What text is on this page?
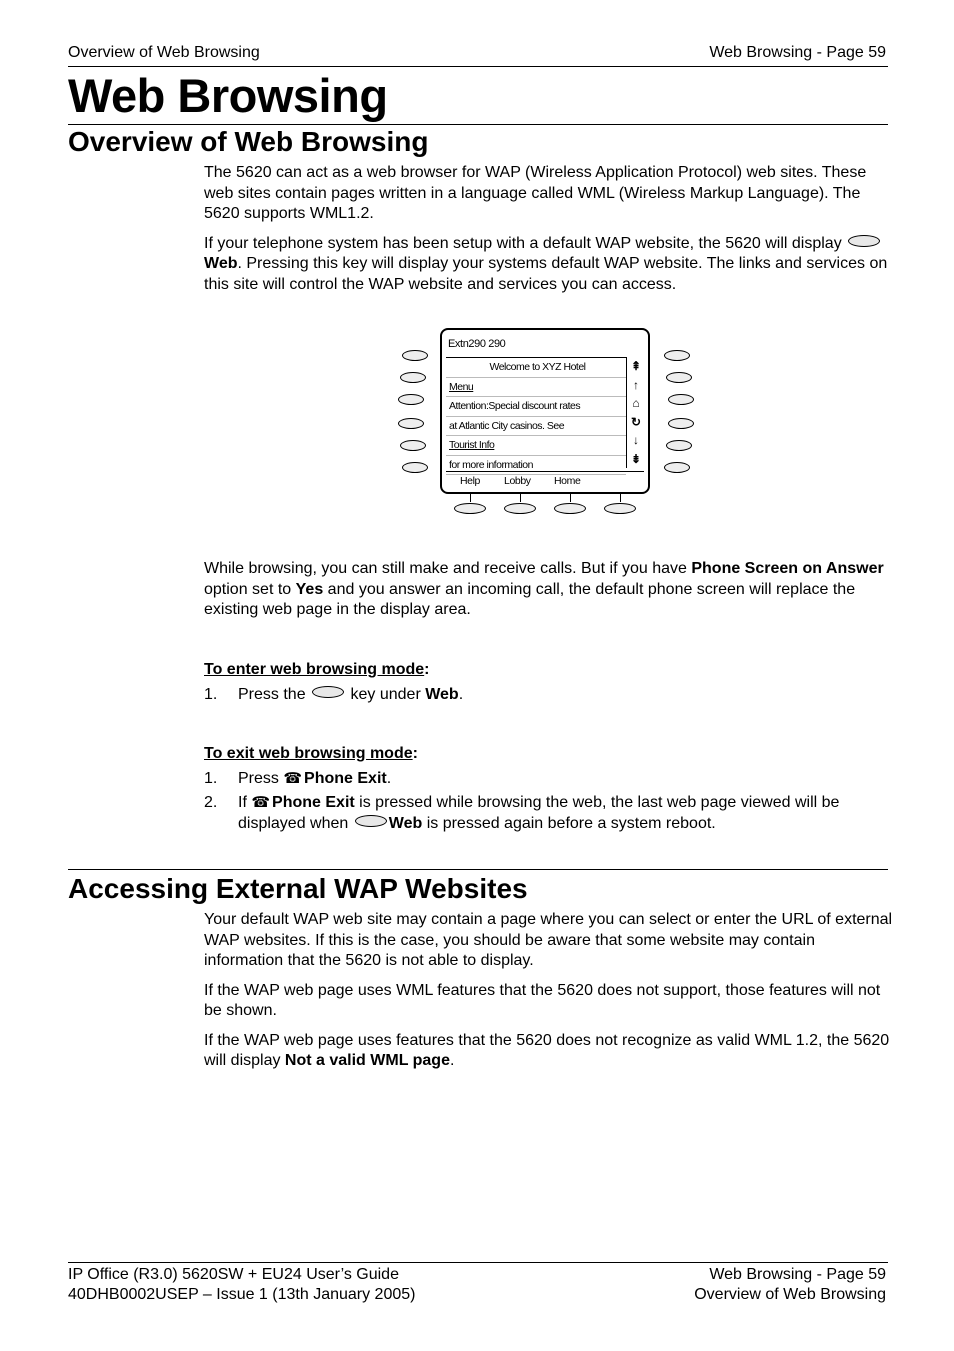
Overview of Web Browsing	Web Browsing - Page 59
Web Browsing
Overview of Web Browsing

The 5620 can act as a web browser for WAP (Wireless Application Protocol) web sites. These web sites contain pages written in a language called WML (Wireless Markup Language). The 5620 supports WML1.2.

If your telephone system has been setup with a default WAP website, the 5620 will display Web. Pressing this key will display your systems default WAP website. The links and services on this site will control the WAP website and services you can access.

Extn290 290
Welcome to XYZ Hotel
Menu
Attention:Special discount rates
at Atlantic City casinos. See
Tourist Info
for more information
⇞
↑
⌂
↻
↓
⇟
Help Lobby Home

While browsing, you can still make and receive calls. But if you have Phone Screen on Answer option set to Yes and you answer an incoming call, the default phone screen will replace the existing web page in the display area.

To enter web browsing mode:
1. Press the	key under Web.
To exit web browsing mode:
1. Press ☎ Phone Exit.
2. If ☎ Phone Exit is pressed while browsing the web, the last web page viewed will be displayed when	Web is pressed again before a system reboot.
Accessing External WAP Websites

Your default WAP web site may contain a page where you can select or enter the URL of external WAP websites. If this is the case, you should be aware that some website may contain information that the 5620 is not able to display.

If the WAP web page uses WML features that the 5620 does not support, those features will not be shown.

If the WAP web page uses features that the 5620 does not recognize as valid WML 1.2, the 5620 will display Not a valid WML page.

IP Office (R3.0) 5620SW + EU24 User’s Guide
40DHB0002USEP – Issue 1 (13th January 2005)
Web Browsing - Page 59
Overview of Web Browsing
